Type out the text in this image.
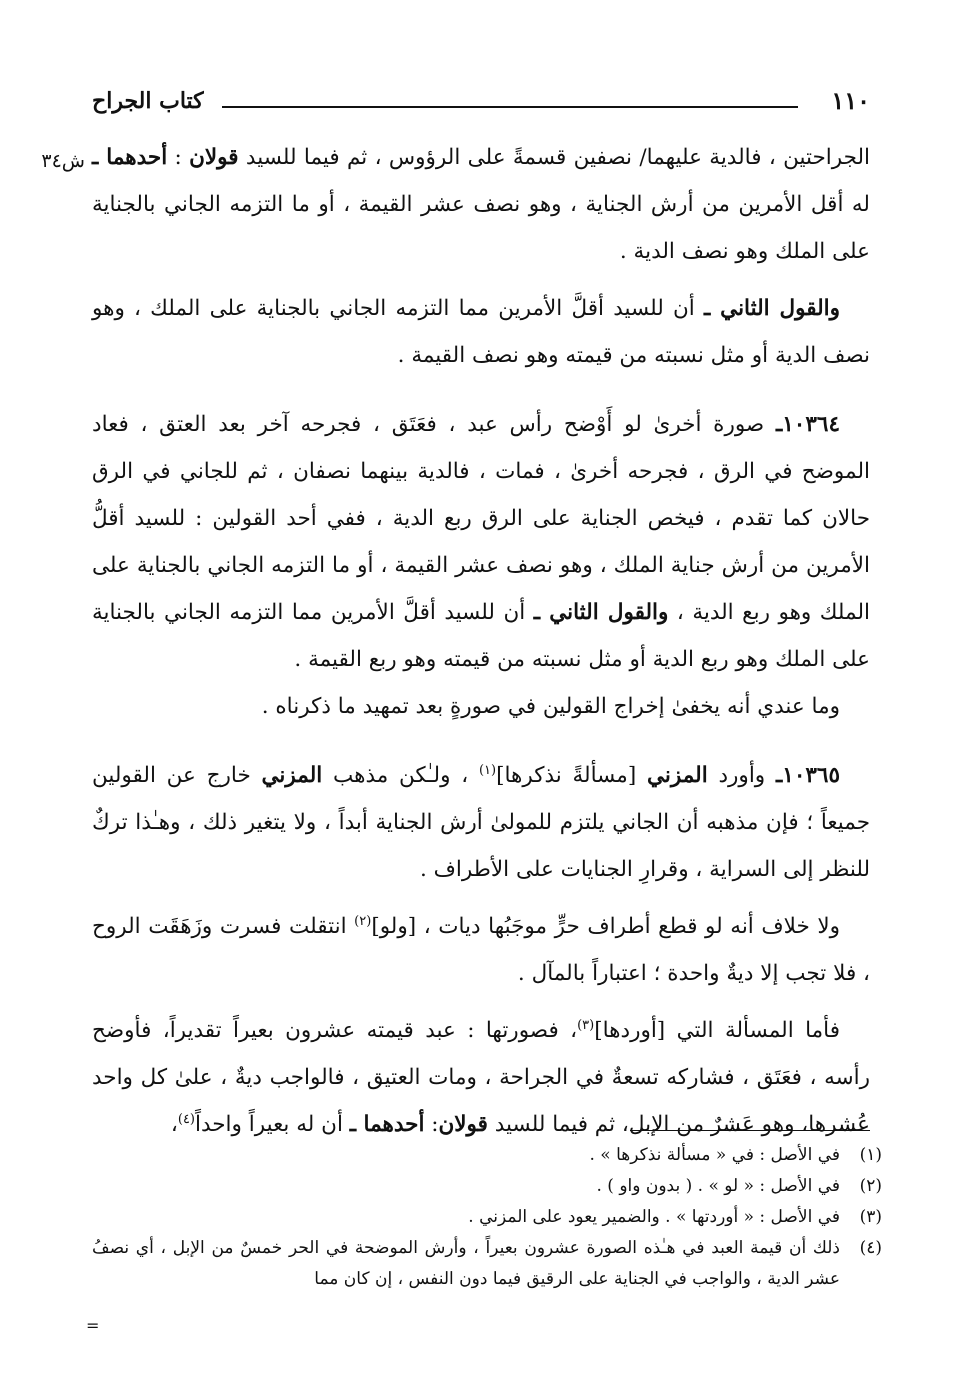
١١٠
كتاب الجراح
ش٣٤	الجراحتين ، فالدية عليهما/ نصفين قسمةً على الرؤوس ، ثم فيما للسيد قولان : أحدهما ـ له أقل الأمرين من أرش الجناية ، وهو نصف عشر القيمة ، أو ما التزمه الجاني بالجناية على الملك وهو نصف الدية .

والقول الثاني ـ أن للسيد أقلَّ الأمرين مما التزمه الجاني بالجناية على الملك ، وهو نصف الدية أو مثل نسبته من قيمته وهو نصف القيمة .

١٠٣٦٤ـ صورة أخرىٰ لو أَوْضح رأس عبد ، فعَتَق ، فجرحه آخر بعد العتق ، فعاد الموضح في الرق ، فجرحه أخرىٰ ، فمات ، فالدية بينهما نصفان ، ثم للجاني في الرق حالان كما تقدم ، فيخص الجناية على الرق ربع الدية ، ففي أحد القولين : للسيد أقلُّ الأمرين من أرش جناية الملك ، وهو نصف عشر القيمة ، أو ما التزمه الجاني بالجناية على الملك وهو ربع الدية ، والقول الثاني ـ أن للسيد أقلَّ الأمرين مما التزمه الجاني بالجناية على الملك وهو ربع الدية أو مثل نسبته من قيمته وهو ربع القيمة .

وما عندي أنه يخفىٰ إخراج القولين في صورةٍ بعد تمهيد ما ذكرناه .

١٠٣٦٥ـ وأورد المزني [مسألةً نذكرها]$^{(١)}$ ، ولـٰكن مذهب المزني خارج عن القولين جميعاً ؛ فإن مذهبه أن الجاني يلتزم للمولىٰ أرش الجناية أبداً ، ولا يتغير ذلك ، وهـٰذا تركٌ للنظر إلى السراية ، وقرارِ الجنايات على الأطراف .

ولا خلاف أنه لو قطع أطراف حرٍّ موجَبُها ديات ، [ولو]$^{(٢)}$ انتقلت فسرت وزَهَقَت الروح ، فلا تجب إلا ديةٌ واحدة ؛ اعتباراً بالمآل .

فأما المسألة التي [أوردها]$^{(٣)}$، فصورتها : عبد قيمته عشرون بعيراً تقديراً، فأوضح رأسه ، فعَتَق ، فشاركه تسعةٌ في الجراحة ، ومات العتيق ، فالواجب ديةٌ ، علىٰ كل واحد عُشرها، وهو عَشرٌ من الإبل، ثم فيما للسيد قولان: أحدهما ـ أن له بعيراً واحداً$^{(٤)}$،

(١)
في الأصل : في « مسألة نذكرها » .
(٢)
في الأصل : « لو » . ( بدون واو ) .
(٣)
في الأصل : « أوردتها » . والضمير يعود على المزني .
(٤)
ذلك أن قيمة العبد في هـٰذه الصورة عشرون بعيراً ، وأرش الموضحة في الحر خمسٌ من الإبل ، أي نصفُ عشر الدية ، والواجب في الجناية على الرقيق فيما دون النفس ، إن كان مما
=
